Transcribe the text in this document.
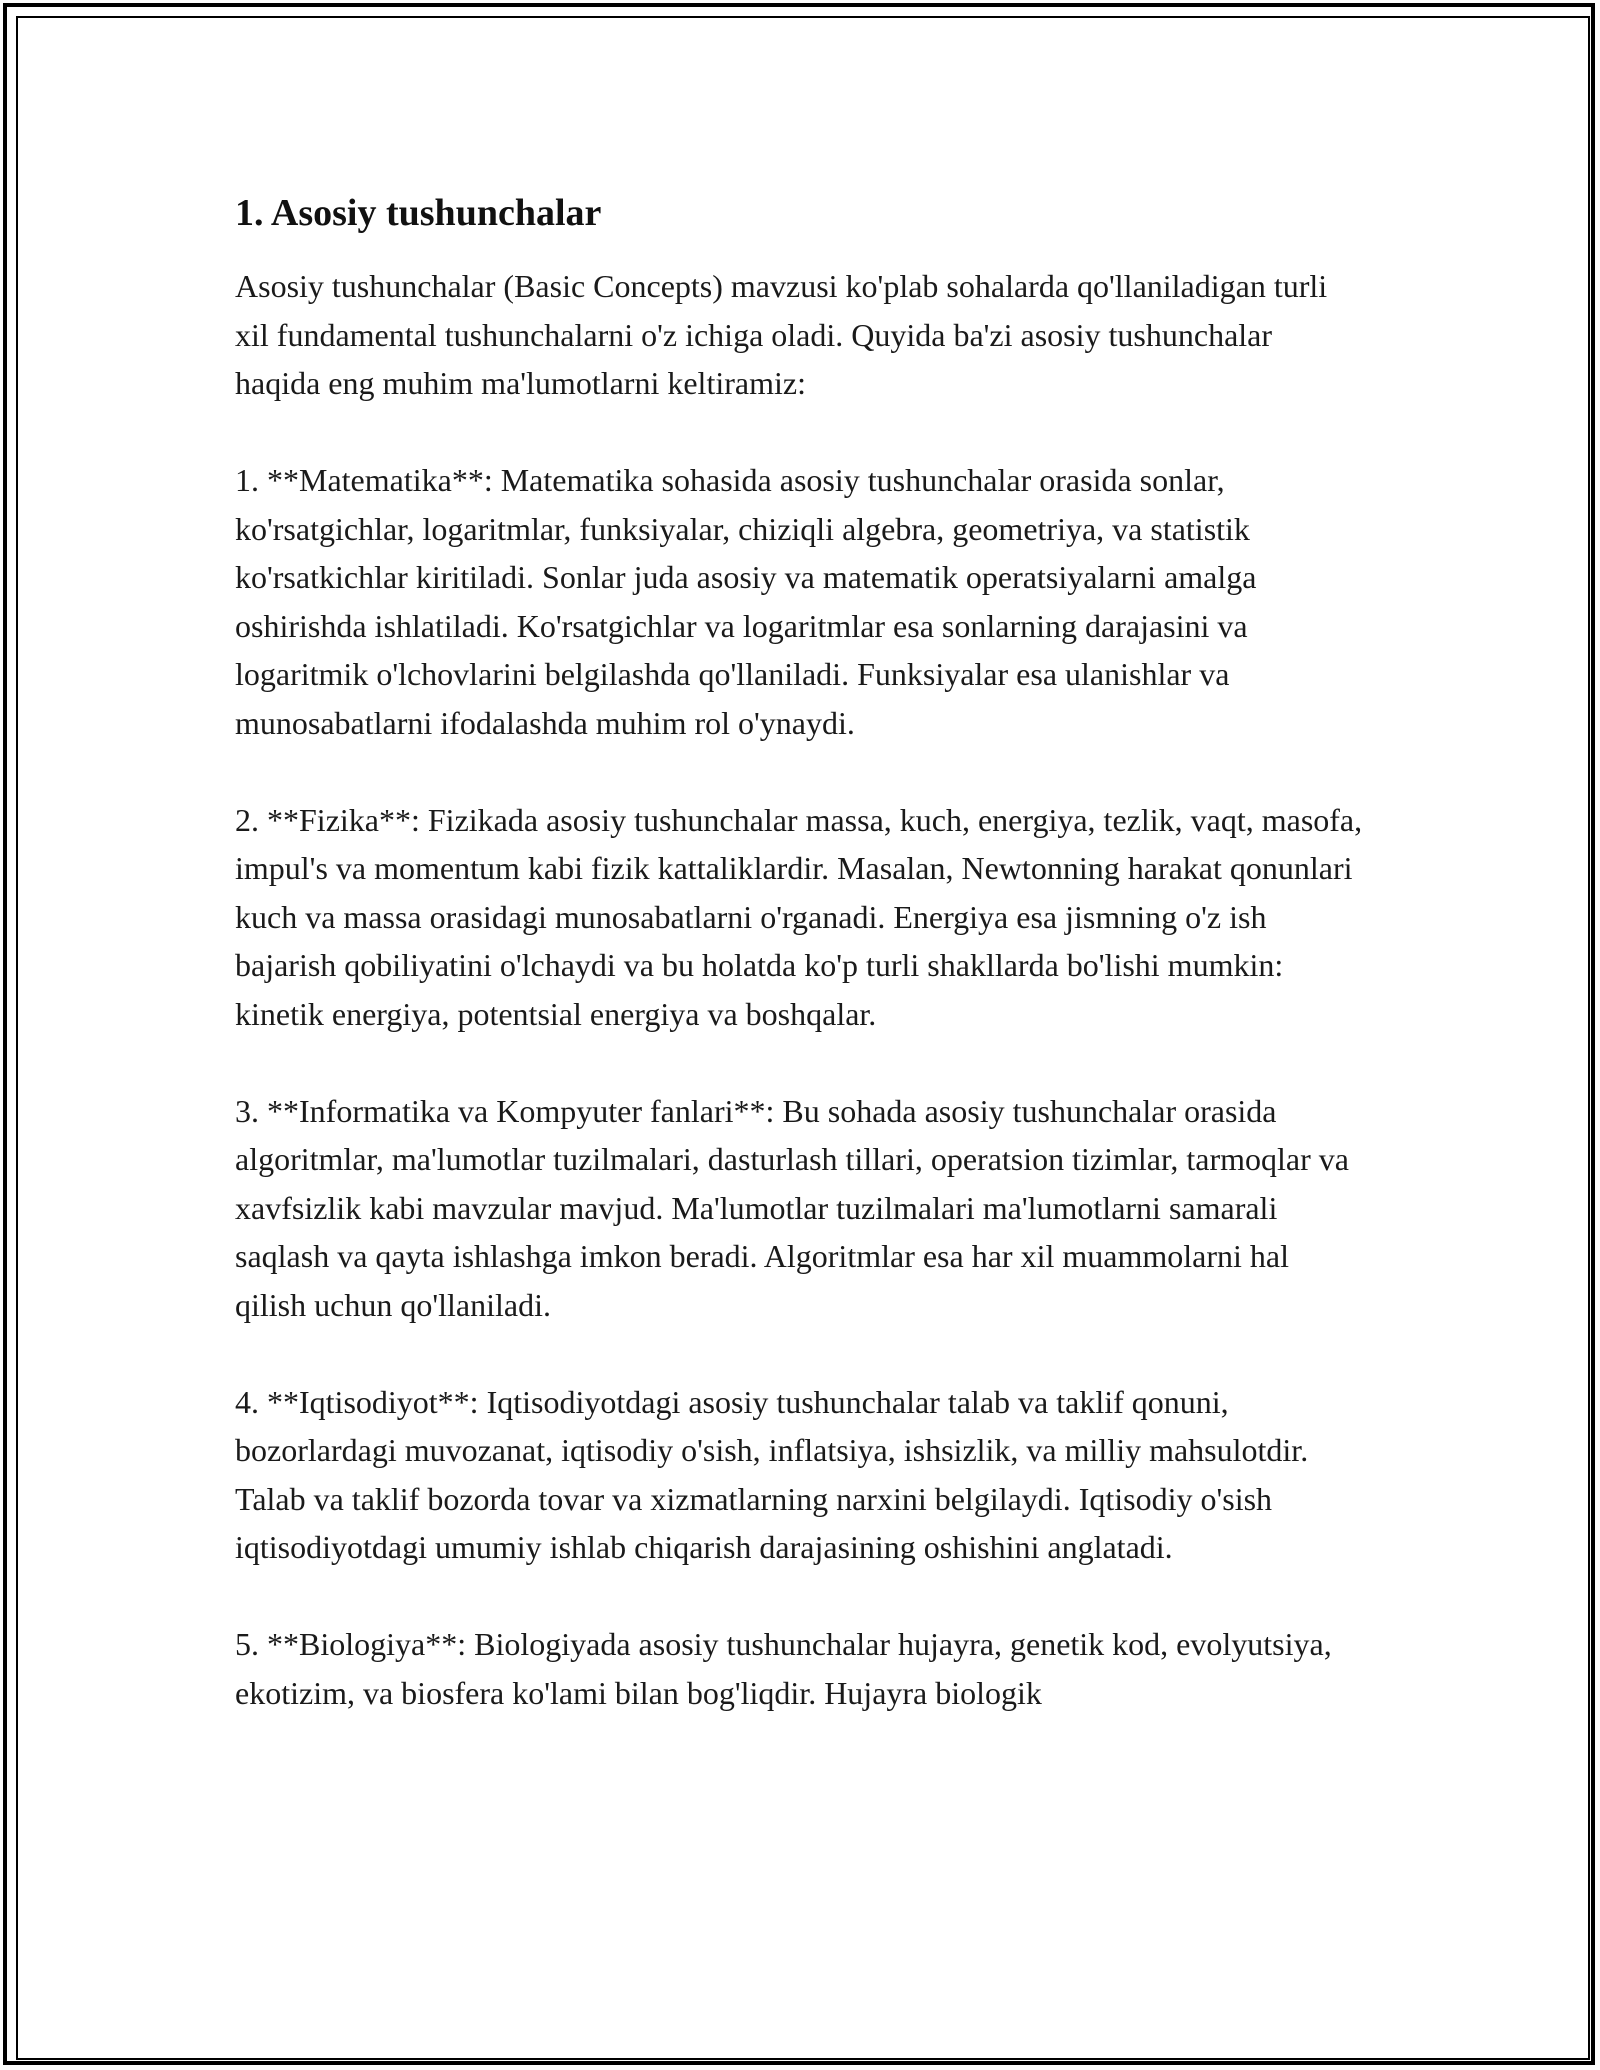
1. Asosiy tushunchalar

Asosiy tushunchalar (Basic Concepts) mavzusi ko'plab sohalarda qo'llaniladigan turli xil fundamental tushunchalarni o'z ichiga oladi. Quyida ba'zi asosiy tushunchalar haqida eng muhim ma'lumotlarni keltiramiz:

1. **Matematika**: Matematika sohasida asosiy tushunchalar orasida sonlar, ko'rsatgichlar, logaritmlar, funksiyalar, chiziqli algebra, geometriya, va statistik ko'rsatkichlar kiritiladi. Sonlar juda asosiy va matematik operatsiyalarni amalga oshirishda ishlatiladi. Ko'rsatgichlar va logaritmlar esa sonlarning darajasini va logaritmik o'lchovlarini belgilashda qo'llaniladi. Funksiyalar esa ulanishlar va munosabatlarni ifodalashda muhim rol o'ynaydi.

2. **Fizika**: Fizikada asosiy tushunchalar massa, kuch, energiya, tezlik, vaqt, masofa, impul's va momentum kabi fizik kattaliklardir. Masalan, Newtonning harakat qonunlari kuch va massa orasidagi munosabatlarni o'rganadi. Energiya esa jismning o'z ish bajarish qobiliyatini o'lchaydi va bu holatda ko'p turli shakllarda bo'lishi mumkin: kinetik energiya, potentsial energiya va boshqalar.

3. **Informatika va Kompyuter fanlari**: Bu sohada asosiy tushunchalar orasida algoritmlar, ma'lumotlar tuzilmalari, dasturlash tillari, operatsion tizimlar, tarmoqlar va xavfsizlik kabi mavzular mavjud. Ma'lumotlar tuzilmalari ma'lumotlarni samarali saqlash va qayta ishlashga imkon beradi. Algoritmlar esa har xil muammolarni hal qilish uchun qo'llaniladi.

4. **Iqtisodiyot**: Iqtisodiyotdagi asosiy tushunchalar talab va taklif qonuni, bozorlardagi muvozanat, iqtisodiy o'sish, inflatsiya, ishsizlik, va milliy mahsulotdir. Talab va taklif bozorda tovar va xizmatlarning narxini belgilaydi. Iqtisodiy o'sish iqtisodiyotdagi umumiy ishlab chiqarish darajasining oshishini anglatadi.

5. **Biologiya**: Biologiyada asosiy tushunchalar hujayra, genetik kod, evolyutsiya, ekotizim, va biosfera ko'lami bilan bog'liqdir. Hujayra biologik
